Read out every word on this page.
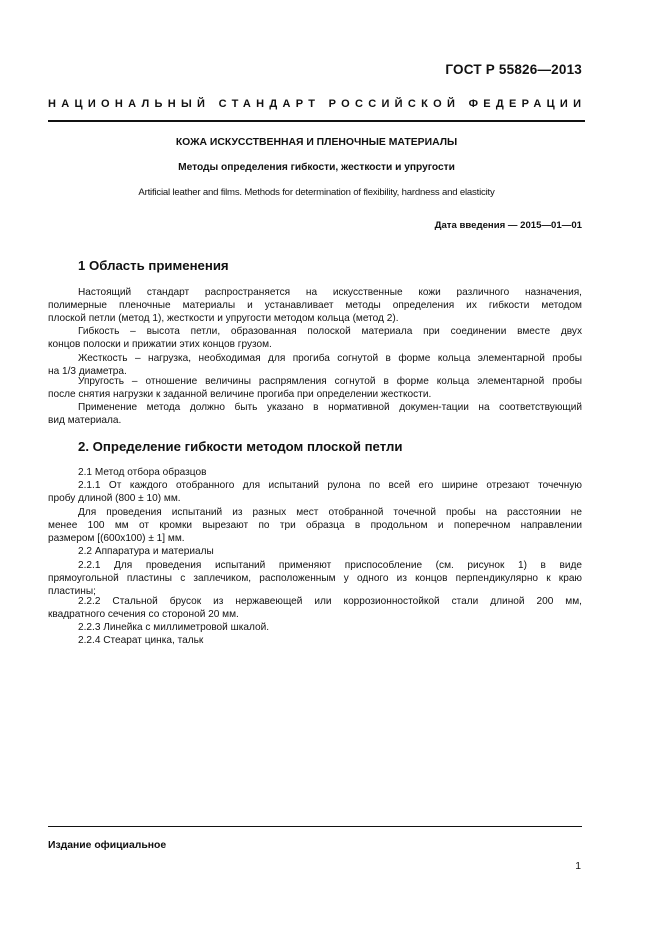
ГОСТ Р 55826—2013
НАЦИОНАЛЬНЫЙ СТАНДАРТ РОССИЙСКОЙ ФЕДЕРАЦИИ
КОЖА ИСКУССТВЕННАЯ И ПЛЕНОЧНЫЕ МАТЕРИАЛЫ
Методы определения гибкости, жесткости и упругости
Artificial leather and films. Methods for determination of flexibility, hardness and elasticity
Дата введения — 2015—01—01
1 Область применения
Настоящий стандарт распространяется на искусственные кожи различного назначения,
полимерные пленочные материалы и устанавливает методы определения их гибкости методом
плоской петли (метод 1), жесткости и упругости методом кольца (метод 2).
Гибкость – высота петли, образованная полоской материала при соединении вместе двух
концов полоски и прижатии этих концов грузом.
Жесткость – нагрузка, необходимая для прогиба согнутой в форме кольца элементарной пробы
на 1/3 диаметра.
Упругость – отношение величины распрямления согнутой в форме кольца элементарной пробы
после снятия нагрузки к заданной величине прогиба при определении жесткости.
Применение метода должно быть указано в нормативной докумен-тации на соответствующий
вид материала.
2. Определение гибкости методом плоской петли
2.1 Метод отбора образцов
2.1.1 От каждого отобранного для испытаний рулона по всей его ширине отрезают точечную
пробу длиной (800 ± 10) мм.
Для проведения испытаний из разных мест отобранной точечной пробы на расстоянии не
менее 100 мм от кромки вырезают по три образца в продольном и поперечном направлении
размером [(600х100) ± 1] мм.
2.2 Аппаратура и материалы
2.2.1 Для проведения испытаний применяют приспособление (см. рисунок 1) в виде
прямоугольной пластины с заплечиком, расположенным у одного из концов перпендикулярно к краю
пластины;
2.2.2 Стальной брусок из нержавеющей или коррозионностойкой стали длиной 200 мм,
квадратного сечения со стороной 20 мм.
2.2.3 Линейка с миллиметровой шкалой.
2.2.4 Стеарат цинка, тальк
Издание официальное
1
